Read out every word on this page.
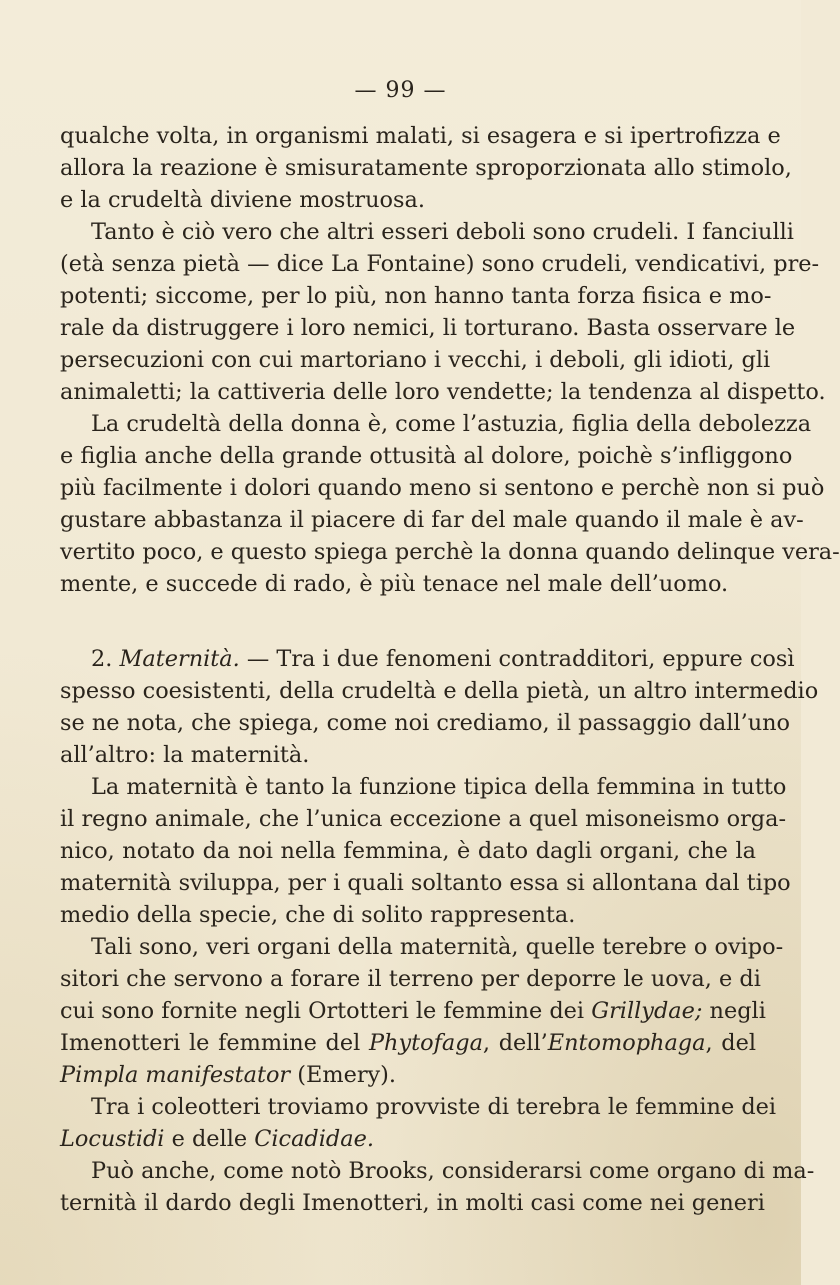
— 99 —
qualche volta, in organismi malati, si esagera e si ipertrofizza e
allora la reazione è smisuratamente sproporzionata allo stimolo,
e la crudeltà diviene mostruosa.
Tanto è ciò vero che altri esseri deboli sono crudeli. I fanciulli
(età senza pietà — dice La Fontaine) sono crudeli, vendicativi, pre-
potenti; siccome, per lo più, non hanno tanta forza fisica e mo-
rale da distruggere i loro nemici, li torturano. Basta osservare le
persecuzioni con cui martoriano i vecchi, i deboli, gli idioti, gli
animaletti; la cattiveria delle loro vendette; la tendenza al dispetto.
La crudeltà della donna è, come l’astuzia, figlia della debolezza
e figlia anche della grande ottusità al dolore, poichè s’infliggono
più facilmente i dolori quando meno si sentono e perchè non si può
gustare abbastanza il piacere di far del male quando il male è av-
vertito poco, e questo spiega perchè la donna quando delinque vera-
mente, e succede di rado, è più tenace nel male dell’uomo.
2. Maternità. — Tra i due fenomeni contradditori, eppure così
spesso coesistenti, della crudeltà e della pietà, un altro intermedio
se ne nota, che spiega, come noi crediamo, il passaggio dall’uno
all’altro: la maternità.
La maternità è tanto la funzione tipica della femmina in tutto
il regno animale, che l’unica eccezione a quel misoneismo orga-
nico, notato da noi nella femmina, è dato dagli organi, che la
maternità sviluppa, per i quali soltanto essa si allontana dal tipo
medio della specie, che di solito rappresenta.
Tali sono, veri organi della maternità, quelle terebre o ovipo-
sitori che servono a forare il terreno per deporre le uova, e di
cui sono fornite negli Ortotteri le femmine dei Grillydae; negli
Imenotteri le femmine del Phytofaga, dell’Entomophaga, del
Pimpla manifestator (Emery).
Tra i coleotteri troviamo provviste di terebra le femmine dei
Locustidi e delle Cicadidae.
Può anche, come notò Brooks, considerarsi come organo di ma-
ternità il dardo degli Imenotteri, in molti casi come nei generi
